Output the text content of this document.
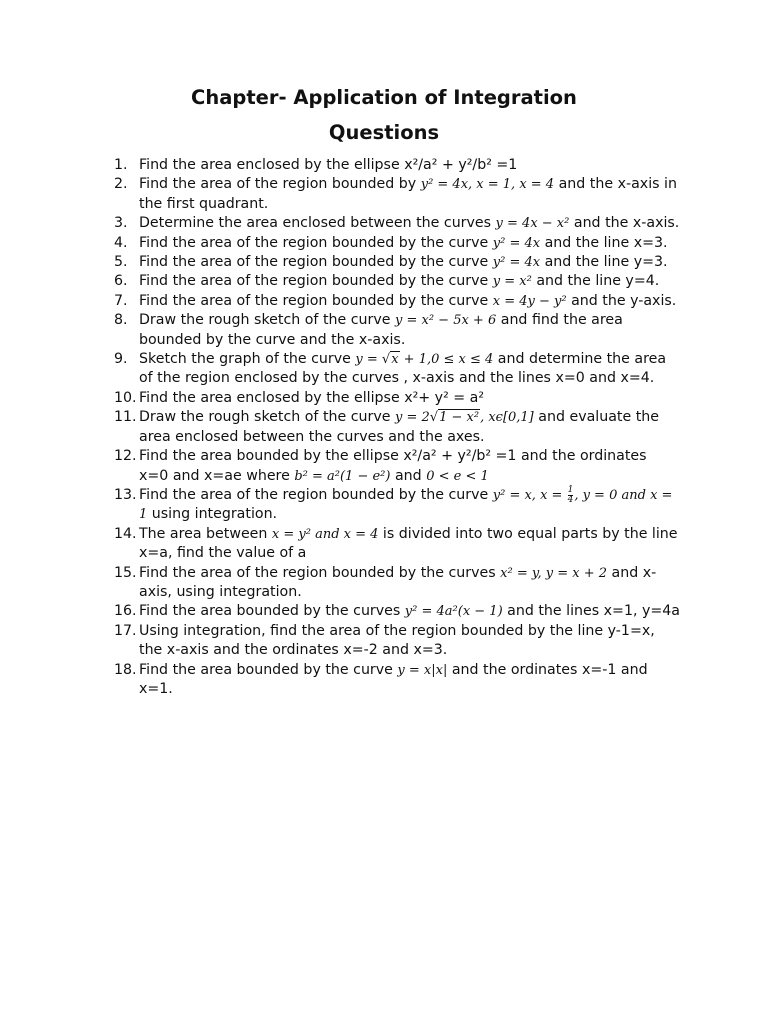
Chapter- Application of Integration
Questions
1. Find the area enclosed by the ellipse x²/a² + y²/b² =1
2. Find the area of the region bounded by y² = 4x, x = 1, x = 4 and the x-axis in the first quadrant.
3. Determine the area enclosed between the curves y = 4x − x² and the x-axis.
4. Find the area of the region bounded by the curve y² = 4x and the line x=3.
5. Find the area of the region bounded by the curve y² = 4x and the line y=3.
6. Find the area of the region bounded by the curve y = x² and the line y=4.
7. Find the area of the region bounded by the curve x = 4y − y² and the y-axis.
8. Draw the rough sketch of the curve y = x² − 5x + 6 and find the area bounded by the curve and the x-axis.
9. Sketch the graph of the curve y = √x + 1,0 ≤ x ≤ 4 and determine the area of the region enclosed by the curves , x-axis and the lines x=0 and x=4.
10. Find the area enclosed by the ellipse x²+ y² = a²
11. Draw the rough sketch of the curve y = 2√1 − x², xϵ[0,1] and evaluate the area enclosed between the curves and the axes.
12. Find the area bounded by the ellipse x²/a² + y²/b² =1 and the ordinates x=0 and x=ae where b² = a²(1 − e²) and 0 < e < 1
13. Find the area of the region bounded by the curve y² = x, $x = \frac{1}{4}$ , y = 0 and x = 1 using integration.
14. The area between x = y² and x = 4 is divided into two equal parts by the line x=a, find the value of a
15. Find the area of the region bounded by the curves x² = y, y = x + 2 and x-axis, using integration.
16. Find the area bounded by the curves y² = 4a²(x − 1) and the lines x=1, y=4a
17. Using integration, find the area of the region bounded by the line y-1=x, the x-axis and the ordinates x=-2 and x=3.
18. Find the area bounded by the curve y = x|x| and the ordinates x=-1 and x=1.
